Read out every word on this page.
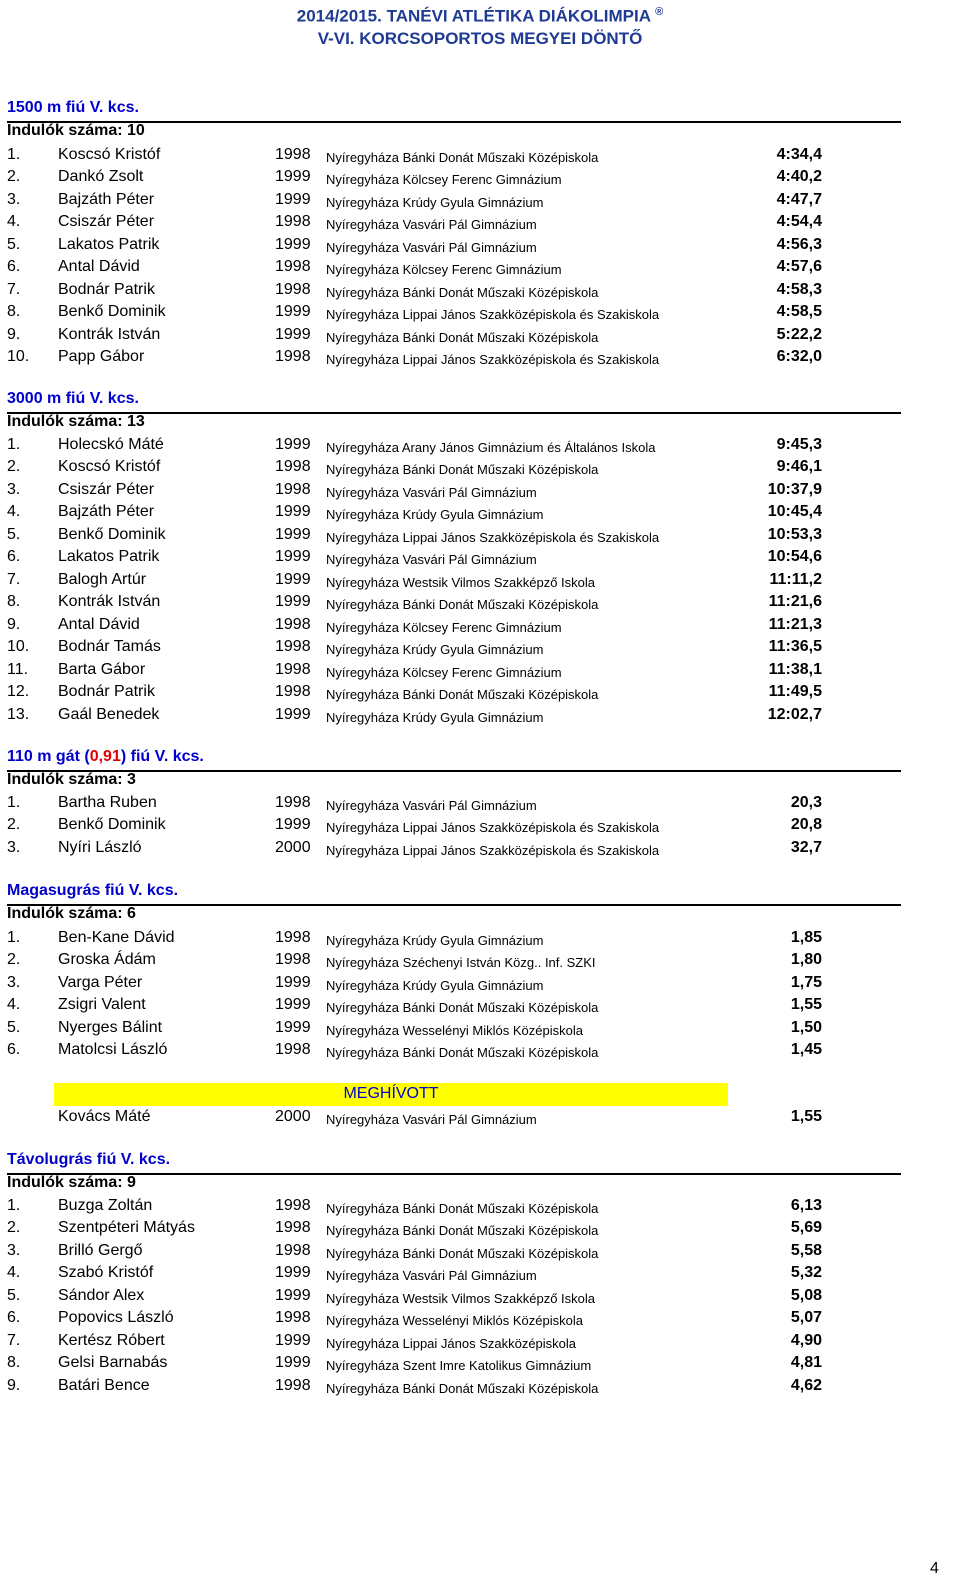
2014/2015. TANÉVI ATLÉTIKA DIÁKOLIMPIA ®
V-VI. KORCSOPORTOS MEGYEI DÖNTŐ
1500 m fiú V. kcs.
Indulók száma: 10
1. Koscsó Kristóf	1998 Nyíregyháza Bánki Donát Műszaki Középiskola	4:34,4
2. Dankó Zsolt	1999 Nyíregyháza Kölcsey Ferenc Gimnázium	4:40,2
3. Bajzáth Péter	1999 Nyíregyháza Krúdy Gyula Gimnázium	4:47,7
4. Csiszár Péter	1998 Nyíregyháza Vasvári Pál Gimnázium	4:54,4
5. Lakatos Patrik	1999 Nyíregyháza Vasvári Pál Gimnázium	4:56,3
6. Antal Dávid	1998 Nyíregyháza Kölcsey Ferenc Gimnázium	4:57,6
7. Bodnár Patrik	1998 Nyíregyháza Bánki Donát Műszaki Középiskola	4:58,3
8. Benkő Dominik	1999 Nyíregyháza Lippai János Szakközépiskola és Szakiskola	4:58,5
9. Kontrák István	1999 Nyíregyháza Bánki Donát Műszaki Középiskola	5:22,2
10. Papp Gábor	1998 Nyíregyháza Lippai János Szakközépiskola és Szakiskola	6:32,0
3000 m fiú V. kcs.
Indulók száma: 13
1. Holecskó Máté	1999 Nyíregyháza Arany János Gimnázium és Általános Iskola	9:45,3
2. Koscsó Kristóf	1998 Nyíregyháza Bánki Donát Műszaki Középiskola	9:46,1
3. Csiszár Péter	1998 Nyíregyháza Vasvári Pál Gimnázium	10:37,9
4. Bajzáth Péter	1999 Nyíregyháza Krúdy Gyula Gimnázium	10:45,4
5. Benkő Dominik	1999 Nyíregyháza Lippai János Szakközépiskola és Szakiskola	10:53,3
6. Lakatos Patrik	1999 Nyíregyháza Vasvári Pál Gimnázium	10:54,6
7. Balogh Artúr	1999 Nyíregyháza Westsik Vilmos Szakképző Iskola	11:11,2
8. Kontrák István	1999 Nyíregyháza Bánki Donát Műszaki Középiskola	11:21,6
9. Antal Dávid	1998 Nyíregyháza Kölcsey Ferenc Gimnázium	11:21,3
10. Bodnár Tamás	1998 Nyíregyháza Krúdy Gyula Gimnázium	11:36,5
11. Barta Gábor	1998 Nyíregyháza Kölcsey Ferenc Gimnázium	11:38,1
12. Bodnár Patrik	1998 Nyíregyháza Bánki Donát Műszaki Középiskola	11:49,5
13. Gaál Benedek	1999 Nyíregyháza Krúdy Gyula Gimnázium	12:02,7
110 m gát (0,91) fiú V. kcs.
Indulók száma: 3
1. Bartha Ruben	1998 Nyíregyháza Vasvári Pál Gimnázium	20,3
2. Benkő Dominik	1999 Nyíregyháza Lippai János Szakközépiskola és Szakiskola	20,8
3. Nyíri László	2000 Nyíregyháza Lippai János Szakközépiskola és Szakiskola	32,7
Magasugrás fiú V. kcs.
Indulók száma: 6
1. Ben-Kane Dávid	1998 Nyíregyháza Krúdy Gyula Gimnázium	1,85
2. Groska Ádám	1998 Nyíregyháza Széchenyi István Közg.. Inf. SZKI	1,80
3. Varga Péter	1999 Nyíregyháza Krúdy Gyula Gimnázium	1,75
4. Zsigri Valent	1999 Nyíregyháza Bánki Donát Műszaki Középiskola	1,55
5. Nyerges Bálint	1999 Nyíregyháza Wesselényi Miklós Középiskola	1,50
6. Matolcsi László	1998 Nyíregyháza Bánki Donát Műszaki Középiskola	1,45
MEGHÍVOTT
Kovács Máté	2000 Nyíregyháza Vasvári Pál Gimnázium	1,55
Távolugrás fiú V. kcs.
Indulók száma: 9
1. Buzga Zoltán	1998 Nyíregyháza Bánki Donát Műszaki Középiskola	6,13
2. Szentpéteri Mátyás	1998 Nyíregyháza Bánki Donát Műszaki Középiskola	5,69
3. Brilló Gergő	1998 Nyíregyháza Bánki Donát Műszaki Középiskola	5,58
4. Szabó Kristóf	1999 Nyíregyháza Vasvári Pál Gimnázium	5,32
5. Sándor Alex	1999 Nyíregyháza Westsik Vilmos Szakképző Iskola	5,08
6. Popovics László	1998 Nyíregyháza Wesselényi Miklós Középiskola	5,07
7. Kertész Róbert	1999 Nyíregyháza Lippai János Szakközépiskola	4,90
8. Gelsi Barnabás	1999 Nyíregyháza Szent Imre Katolikus Gimnázium	4,81
9. Batári Bence	1998 Nyíregyháza Bánki Donát Műszaki Középiskola	4,62
4
